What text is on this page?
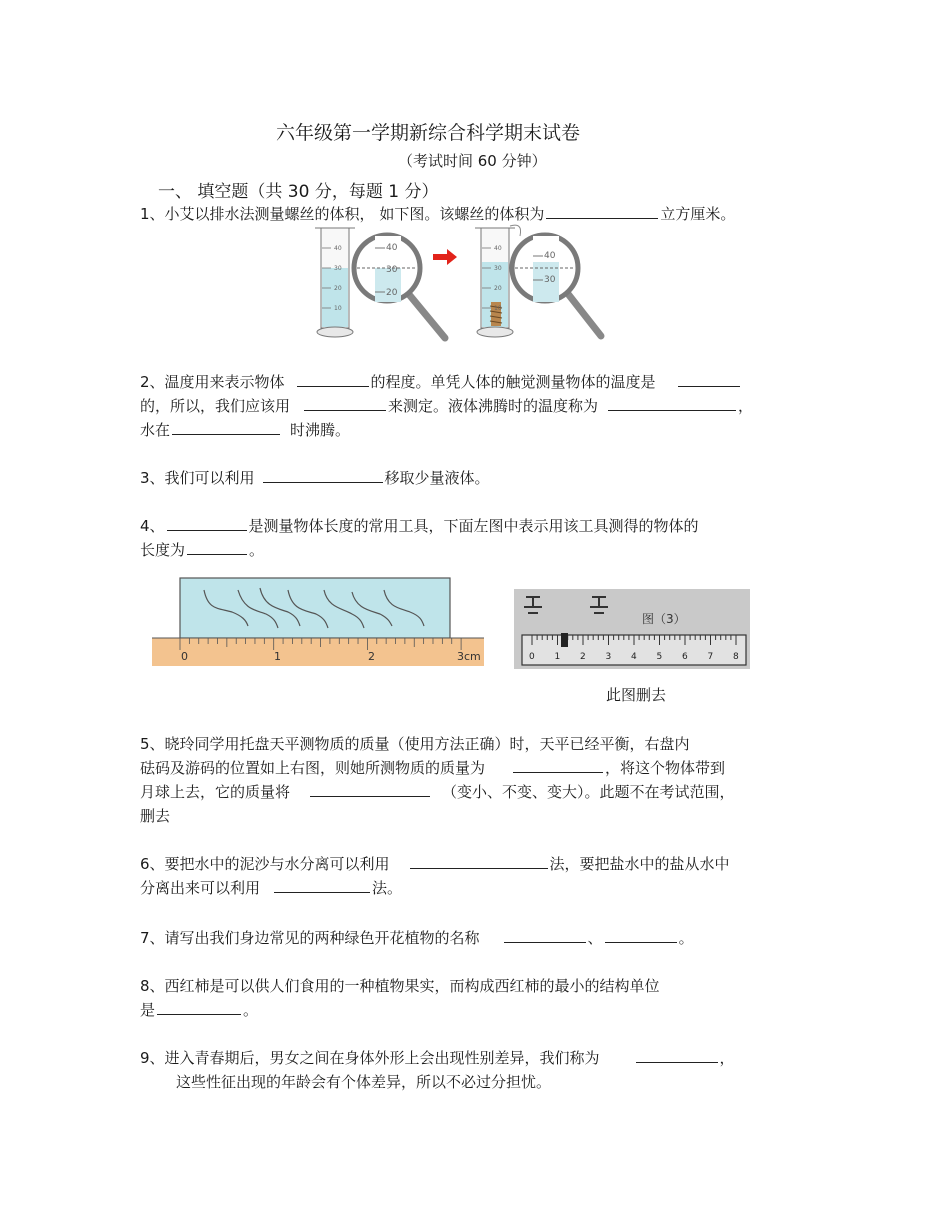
六年级第一学期新综合科学期末试卷
（考试时间 60 分钟）
一、 填空题（共 30 分，每题 1 分）
1、小艾以排水法测量螺丝的体积， 如下图。该螺丝的体积为	立方厘米。
40
30
20
10
40
30
20
40
30
20
10
40
30
2、温度用来表示物体	的程度。单凭人体的触觉测量物体的温度是
的，所以，我们应该用	来测定。液体沸腾时的温度称为	，
水在	时沸腾。
3、我们可以利用	移取少量液体。
4、	是测量物体长度的常用工具，下面左图中表示用该工具测得的物体的
长度为	。
0	1	2	3cm
图（3）
0 1 2 3 4 5 6 7 8
此图删去
5、晓玲同学用托盘天平测物质的质量（使用方法正确）时，天平已经平衡，右盘内
砝码及游码的位置如上右图，则她所测物质的质量为	，将这个物体带到
月球上去，它的质量将	（变小、不变、变大）。此题不在考试范围，
删去
6、要把水中的泥沙与水分离可以利用	法，要把盐水中的盐从水中
分离出来可以利用	法。
7、请写出我们身边常见的两种绿色开花植物的名称	、	。
8、西红柿是可以供人们食用的一种植物果实，而构成西红柿的最小的结构单位
是	。
9、进入青春期后，男女之间在身体外形上会出现性别差异，我们称为	，
这些性征出现的年龄会有个体差异，所以不必过分担忧。
